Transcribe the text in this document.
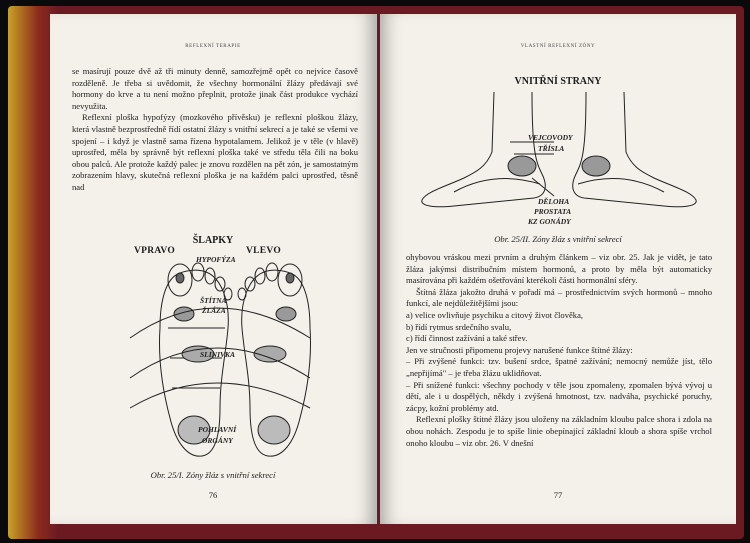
REFLEXNÍ TERAPIE

se masírují pouze dvě až tři minuty denně, samozřejmě opět co nejvíce časově rozděleně. Je třeba si uvědomit, že všechny hormonální žlázy předávají své hormony do krve a tu není možno přeplnit, protože jinak část produkce vychází nevyužita.

Reflexní ploška hypofýzy (mozkového přívěsku) je reflexní ploškou žlázy, která vlastně bezprostředně řídí ostatní žlázy s vnitřní sekrecí a je také se všemi ve spojení – i když je vlastně sama řízena hypotalamem. Jelikož je v těle (v hlavě) uprostřed, měla by správně být reflexní ploška také ve středu těla čili na boku obou palců. Ale protože každý palec je znovu rozdělen na pět zón, je samostatným zobrazením hlavy, skutečná reflexní ploška je na každém palci uprostřed, těsně nad

ŠLAPKY
VPRAVO	VLEVO
HYPOFÝZA
ŠTÍTNÁ
ŽLÁZA
SLINIVKA
POHLAVNÍ
ORGÁNY
Obr. 25/I. Zóny žláz s vnitřní sekrecí
76
VLASTNÍ REFLEXNÍ ZÓNY
VNITŘNÍ STRANY
VEJCOVODY
TŘÍSLA
DĚLOHA
PROSTATA
KZ GONÁDY
Obr. 25/II. Zóny žláz s vnitřní sekrecí

ohybovou vráskou mezi prvním a druhým článkem – viz obr. 25. Jak je vidět, je tato žláza jakýmsi distribučním místem hormonů, a proto by měla být automaticky masírována při každém ošetřování kterékoli části hormonální sféry.

Štítná žláza jakožto druhá v pořadí má – prostřednictvím svých hormonů – mnoho funkcí, ale nejdůležitějšími jsou:

a) velice ovlivňuje psychiku a citový život člověka,
b) řídí rytmus srdečního svalu,
c) řídí činnost zažívání a také střev.

Jen ve stručnosti připomenu projevy narušené funkce štítné žlázy:

– Při zvýšené funkci: tzv. bušení srdce, špatné zažívání; nemocný nemůže jíst, tělo „nepřijímá" – je třeba žlázu uklidňovat.

– Při snížené funkci: všechny pochody v těle jsou zpomaleny, zpomalen bývá vývoj u dětí, ale i u dospělých, někdy i zvýšená hmotnost, tzv. nadváha, psychické poruchy, zácpy, kožní problémy atd.

Reflexní plošky štítné žlázy jsou uloženy na základním kloubu palce shora i zdola na obou nohách. Zespodu je to spíše linie obepínající základní kloub a shora spíše vrchol onoho kloubu – viz obr. 26. V dnešní

77
